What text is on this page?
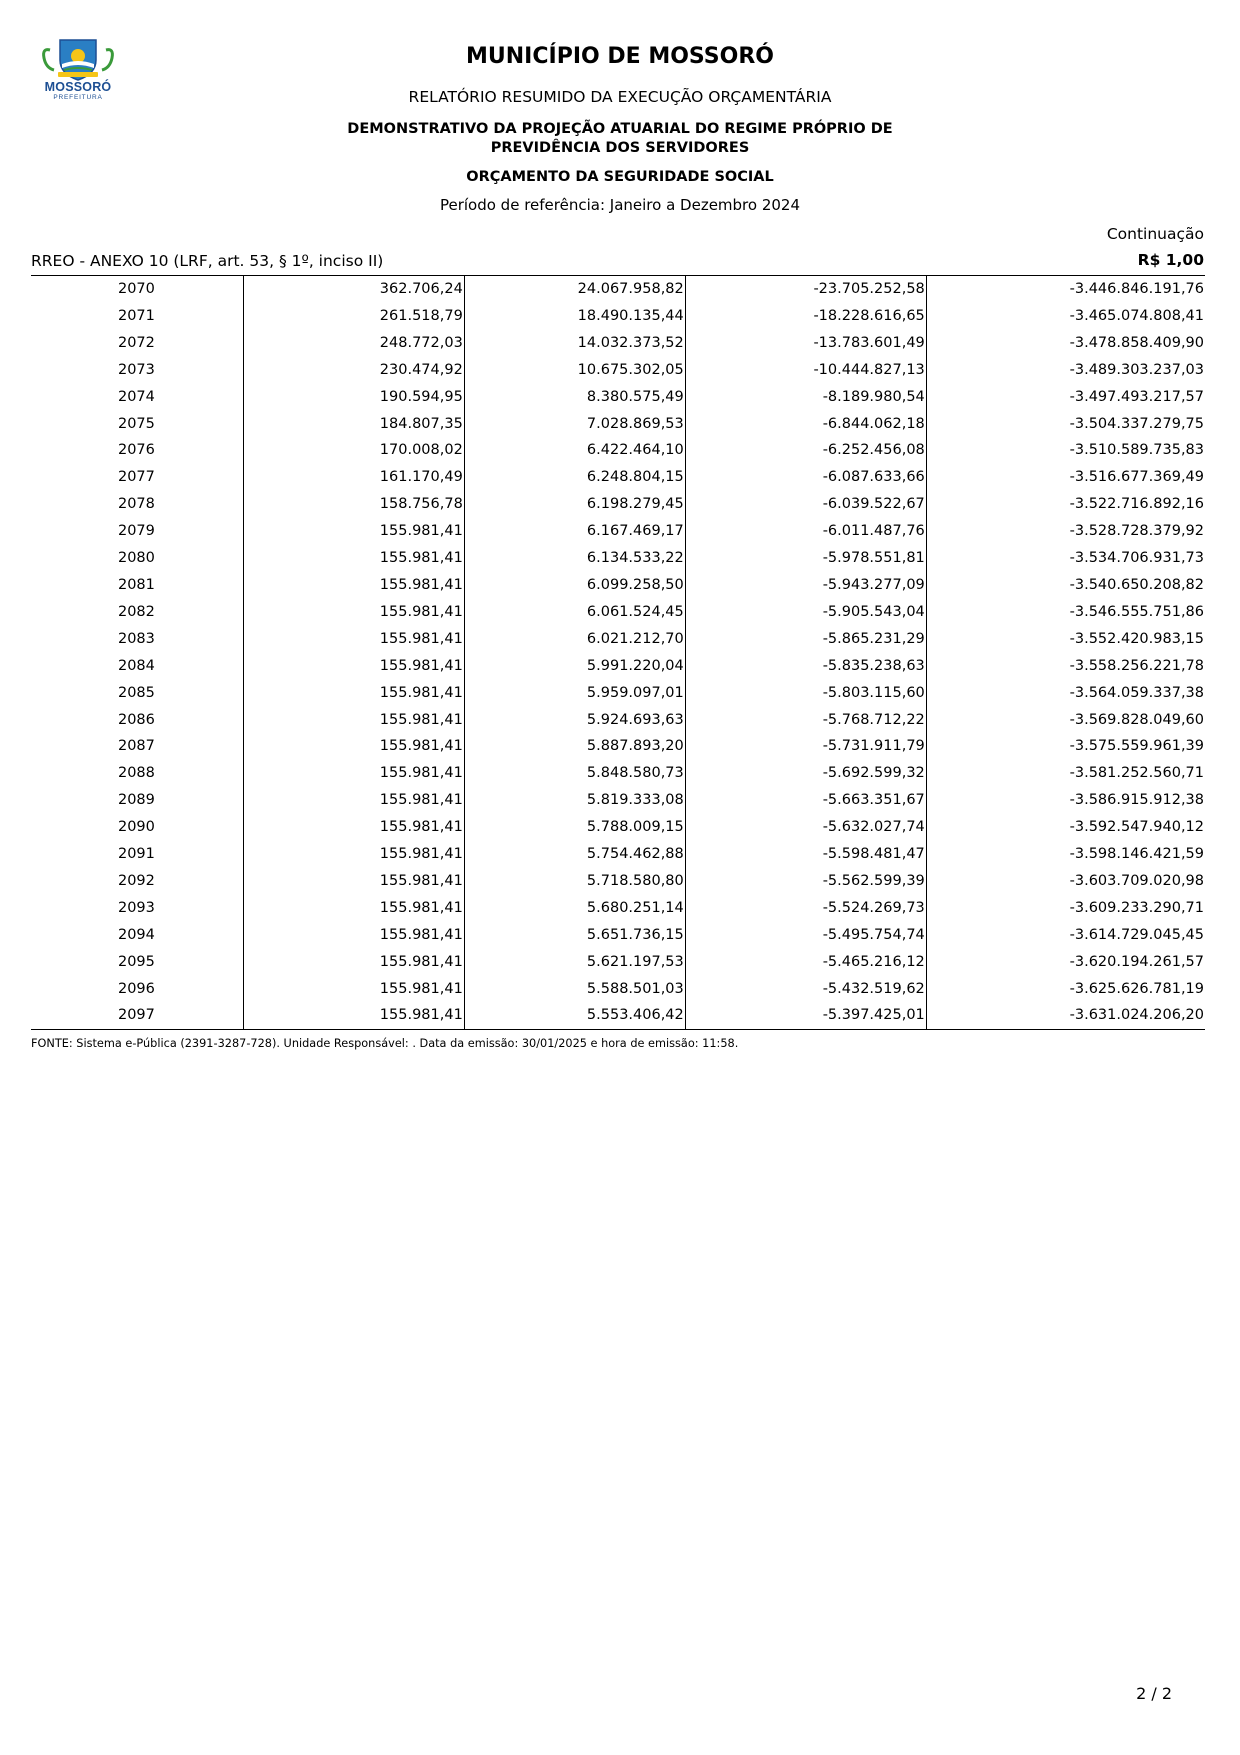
MOSSORÓ
PREFEITURA
MUNICÍPIO DE MOSSORÓ
RELATÓRIO RESUMIDO DA EXECUÇÃO ORÇAMENTÁRIA
DEMONSTRATIVO DA PROJEÇÃO ATUARIAL DO REGIME PRÓPRIO DE
PREVIDÊNCIA DOS SERVIDORES
ORÇAMENTO DA SEGURIDADE SOCIAL
Período de referência: Janeiro a Dezembro 2024
Continuação
RREO - ANEXO 10 (LRF, art. 53, § 1º, inciso II)	R$ 1,00
2070	362.706,24	24.067.958,82	-23.705.252,58	-3.446.846.191,76
2071	261.518,79	18.490.135,44	-18.228.616,65	-3.465.074.808,41
2072	248.772,03	14.032.373,52	-13.783.601,49	-3.478.858.409,90
2073	230.474,92	10.675.302,05	-10.444.827,13	-3.489.303.237,03
2074	190.594,95	8.380.575,49	-8.189.980,54	-3.497.493.217,57
2075	184.807,35	7.028.869,53	-6.844.062,18	-3.504.337.279,75
2076	170.008,02	6.422.464,10	-6.252.456,08	-3.510.589.735,83
2077	161.170,49	6.248.804,15	-6.087.633,66	-3.516.677.369,49
2078	158.756,78	6.198.279,45	-6.039.522,67	-3.522.716.892,16
2079	155.981,41	6.167.469,17	-6.011.487,76	-3.528.728.379,92
2080	155.981,41	6.134.533,22	-5.978.551,81	-3.534.706.931,73
2081	155.981,41	6.099.258,50	-5.943.277,09	-3.540.650.208,82
2082	155.981,41	6.061.524,45	-5.905.543,04	-3.546.555.751,86
2083	155.981,41	6.021.212,70	-5.865.231,29	-3.552.420.983,15
2084	155.981,41	5.991.220,04	-5.835.238,63	-3.558.256.221,78
2085	155.981,41	5.959.097,01	-5.803.115,60	-3.564.059.337,38
2086	155.981,41	5.924.693,63	-5.768.712,22	-3.569.828.049,60
2087	155.981,41	5.887.893,20	-5.731.911,79	-3.575.559.961,39
2088	155.981,41	5.848.580,73	-5.692.599,32	-3.581.252.560,71
2089	155.981,41	5.819.333,08	-5.663.351,67	-3.586.915.912,38
2090	155.981,41	5.788.009,15	-5.632.027,74	-3.592.547.940,12
2091	155.981,41	5.754.462,88	-5.598.481,47	-3.598.146.421,59
2092	155.981,41	5.718.580,80	-5.562.599,39	-3.603.709.020,98
2093	155.981,41	5.680.251,14	-5.524.269,73	-3.609.233.290,71
2094	155.981,41	5.651.736,15	-5.495.754,74	-3.614.729.045,45
2095	155.981,41	5.621.197,53	-5.465.216,12	-3.620.194.261,57
2096	155.981,41	5.588.501,03	-5.432.519,62	-3.625.626.781,19
2097	155.981,41	5.553.406,42	-5.397.425,01	-3.631.024.206,20
FONTE: Sistema e-Pública (2391-3287-728). Unidade Responsável: . Data da emissão: 30/01/2025 e hora de emissão: 11:58.
2 / 2
